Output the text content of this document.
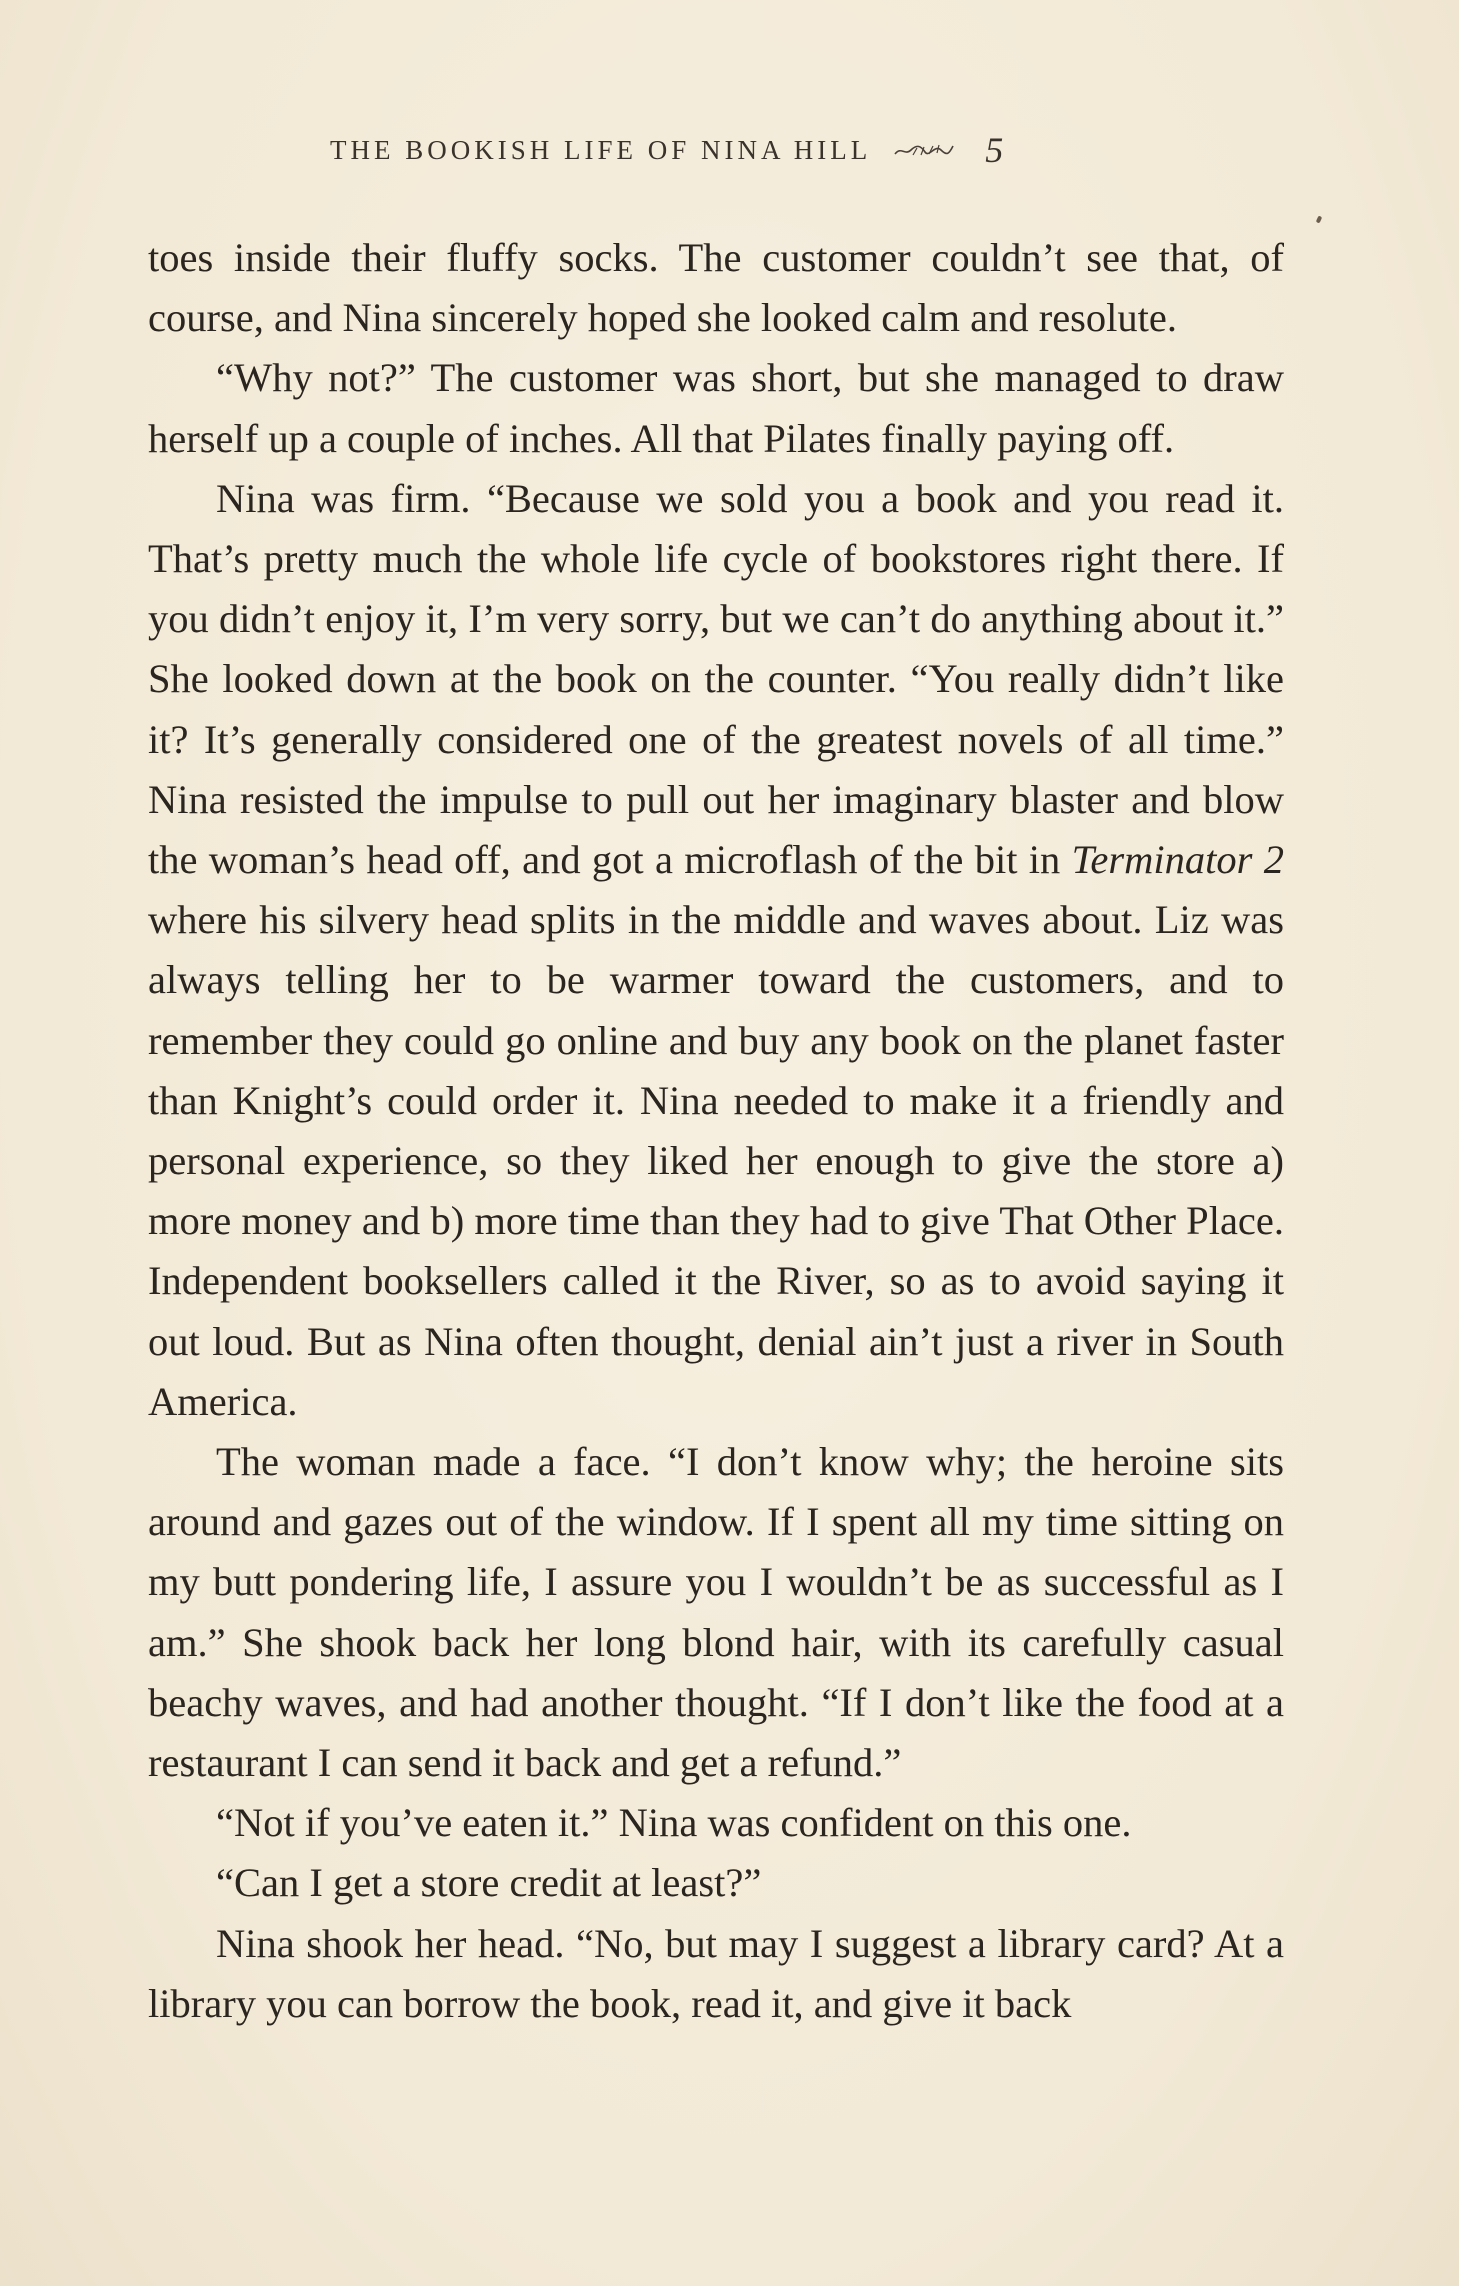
THE BOOKISH LIFE OF NINA HILL	5

toes inside their fluffy socks. The customer couldn’t see that, of course, and Nina sincerely hoped she looked calm and resolute.

“Why not?” The customer was short, but she managed to draw herself up a couple of inches. All that Pilates finally paying off.

Nina was firm. “Because we sold you a book and you read it. That’s pretty much the whole life cycle of bookstores right there. If you didn’t enjoy it, I’m very sorry, but we can’t do anything about it.” She looked down at the book on the counter. “You really didn’t like it? It’s generally considered one of the greatest novels of all time.” Nina resisted the impulse to pull out her imaginary blaster and blow the woman’s head off, and got a microflash of the bit in Terminator 2 where his silvery head splits in the middle and waves about. Liz was always telling her to be warmer toward the customers, and to remember they could go online and buy any book on the planet faster than Knight’s could order it. Nina needed to make it a friendly and personal experience, so they liked her enough to give the store a) more money and b) more time than they had to give That Other Place. Independent booksellers called it the River, so as to avoid saying it out loud. But as Nina often thought, denial ain’t just a river in South America.

The woman made a face. “I don’t know why; the heroine sits around and gazes out of the window. If I spent all my time sitting on my butt pondering life, I assure you I wouldn’t be as successful as I am.” She shook back her long blond hair, with its carefully casual beachy waves, and had another thought. “If I don’t like the food at a restaurant I can send it back and get a refund.”

“Not if you’ve eaten it.” Nina was confident on this one.

“Can I get a store credit at least?”

Nina shook her head. “No, but may I suggest a library card? At a library you can borrow the book, read it, and give it back
